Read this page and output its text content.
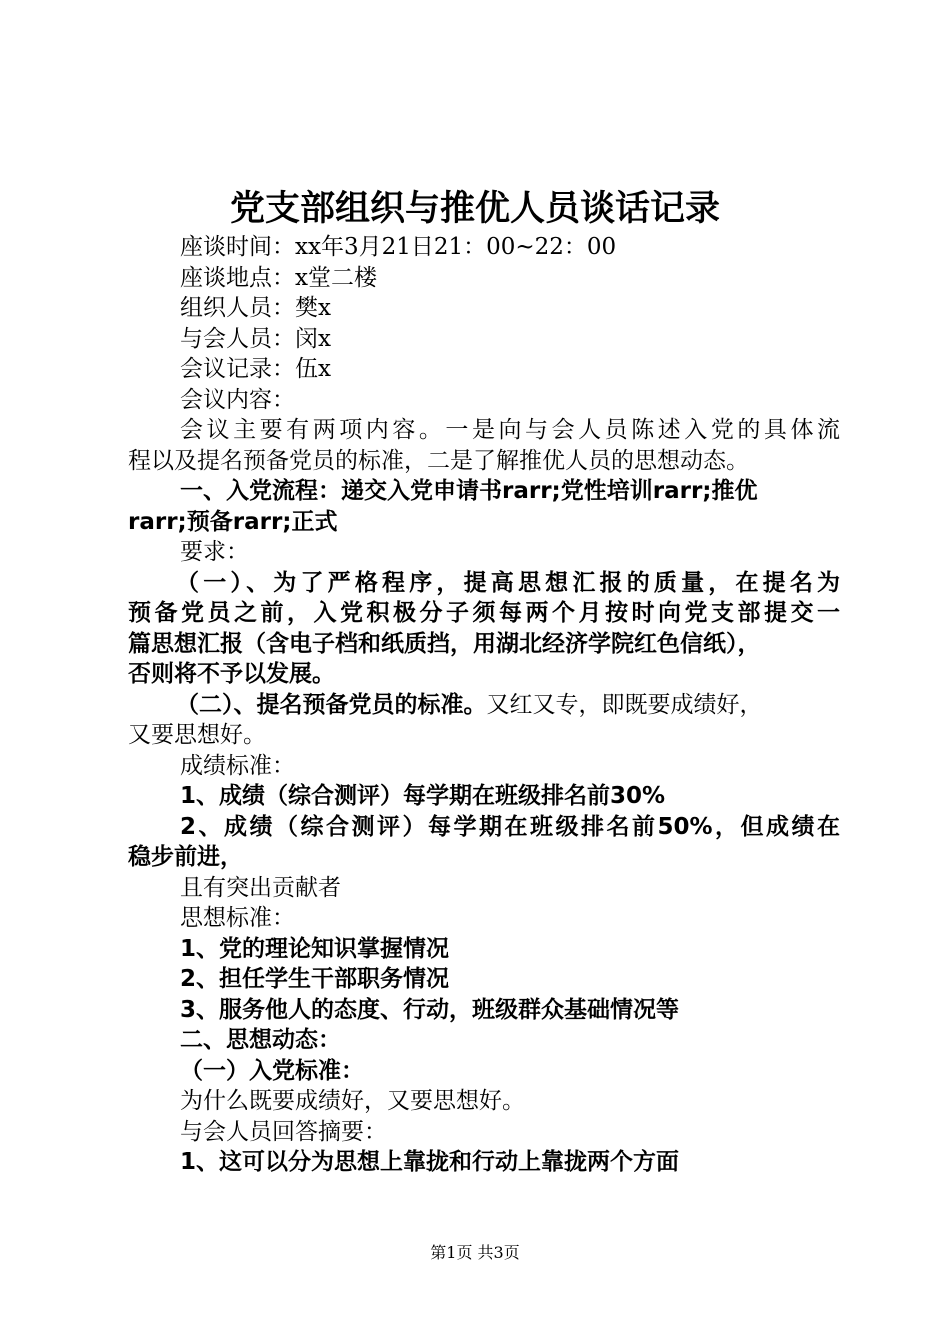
党支部组织与推优人员谈话记录

座谈时间：xx年3月21日21：00~22：00

座谈地点：x堂二楼

组织人员：樊x

与会人员：闵x

会议记录：伍x

会议内容：

会议主要有两项内容。一是向与会人员陈述入党的具体流

程以及提名预备党员的标准，二是了解推优人员的思想动态。

一、入党流程：递交入党申请书rarr;党性培训rarr;推优

rarr;预备rarr;正式

要求：

（一）、为了严格程序，提高思想汇报的质量，在提名为

预备党员之前，入党积极分子须每两个月按时向党支部提交一

篇思想汇报（含电子档和纸质挡，用湖北经济学院红色信纸），

否则将不予以发展。

（二）、提名预备党员的标准。又红又专，即既要成绩好，

又要思想好。

成绩标准：

1、成绩（综合测评）每学期在班级排名前30%

2、成绩（综合测评）每学期在班级排名前50%，但成绩在

稳步前进，

且有突出贡献者

思想标准：

1、党的理论知识掌握情况

2、担任学生干部职务情况

3、服务他人的态度、行动，班级群众基础情况等

二、思想动态：

（一）入党标准：

为什么既要成绩好，又要思想好。

与会人员回答摘要：

1、这可以分为思想上靠拢和行动上靠拢两个方面

第1页 共3页
